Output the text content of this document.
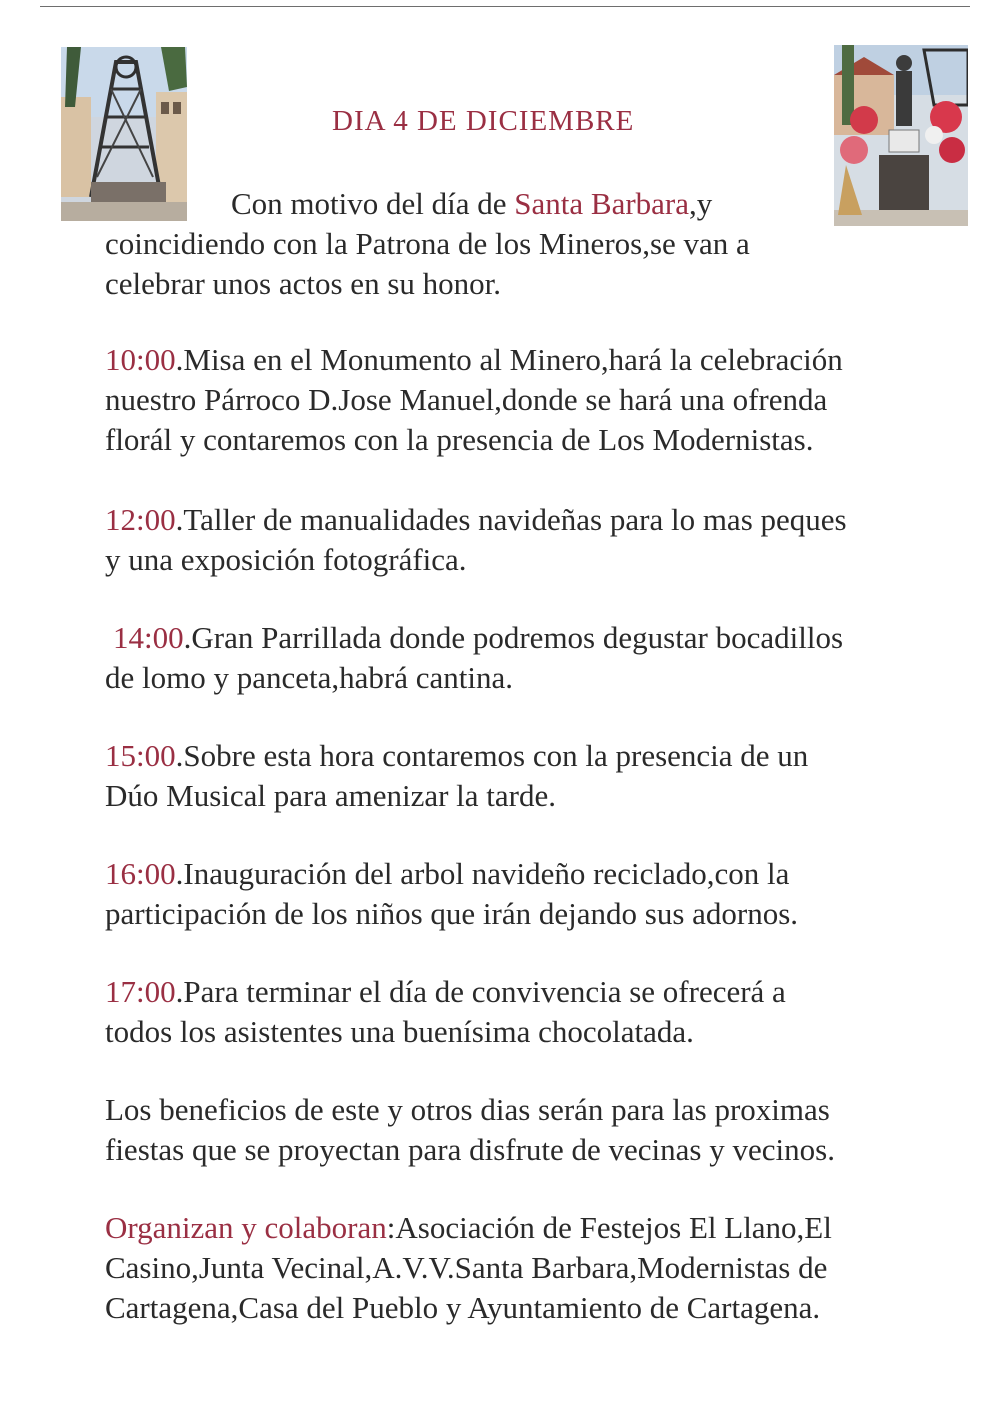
DIA 4 DE DICIEMBRE

Con motivo del día de Santa Barbara,y

coincidiendo con la Patrona de los Mineros,se van a

celebrar unos actos en su honor.

10:00.Misa en el Monumento al Minero,hará la celebración

nuestro Párroco D.Jose Manuel,donde se hará una ofrenda

florál y contaremos con la presencia de Los Modernistas.

12:00.Taller de manualidades navideñas para lo mas peques

y una exposición fotográfica.

14:00.Gran Parrillada donde podremos degustar bocadillos

de lomo y panceta,habrá cantina.

15:00.Sobre esta hora contaremos con la presencia de un

Dúo Musical para amenizar la tarde.

16:00.Inauguración del arbol navideño reciclado,con la

participación de los niños que irán dejando sus adornos.

17:00.Para terminar el día de convivencia se ofrecerá a

todos los asistentes una buenísima chocolatada.

Los beneficios de este y otros dias serán para las proximas

fiestas que se proyectan para disfrute de vecinas y vecinos.

Organizan y colaboran:Asociación de Festejos El Llano,El

Casino,Junta Vecinal,A.V.V.Santa Barbara,Modernistas de

Cartagena,Casa del Pueblo y Ayuntamiento de Cartagena.
